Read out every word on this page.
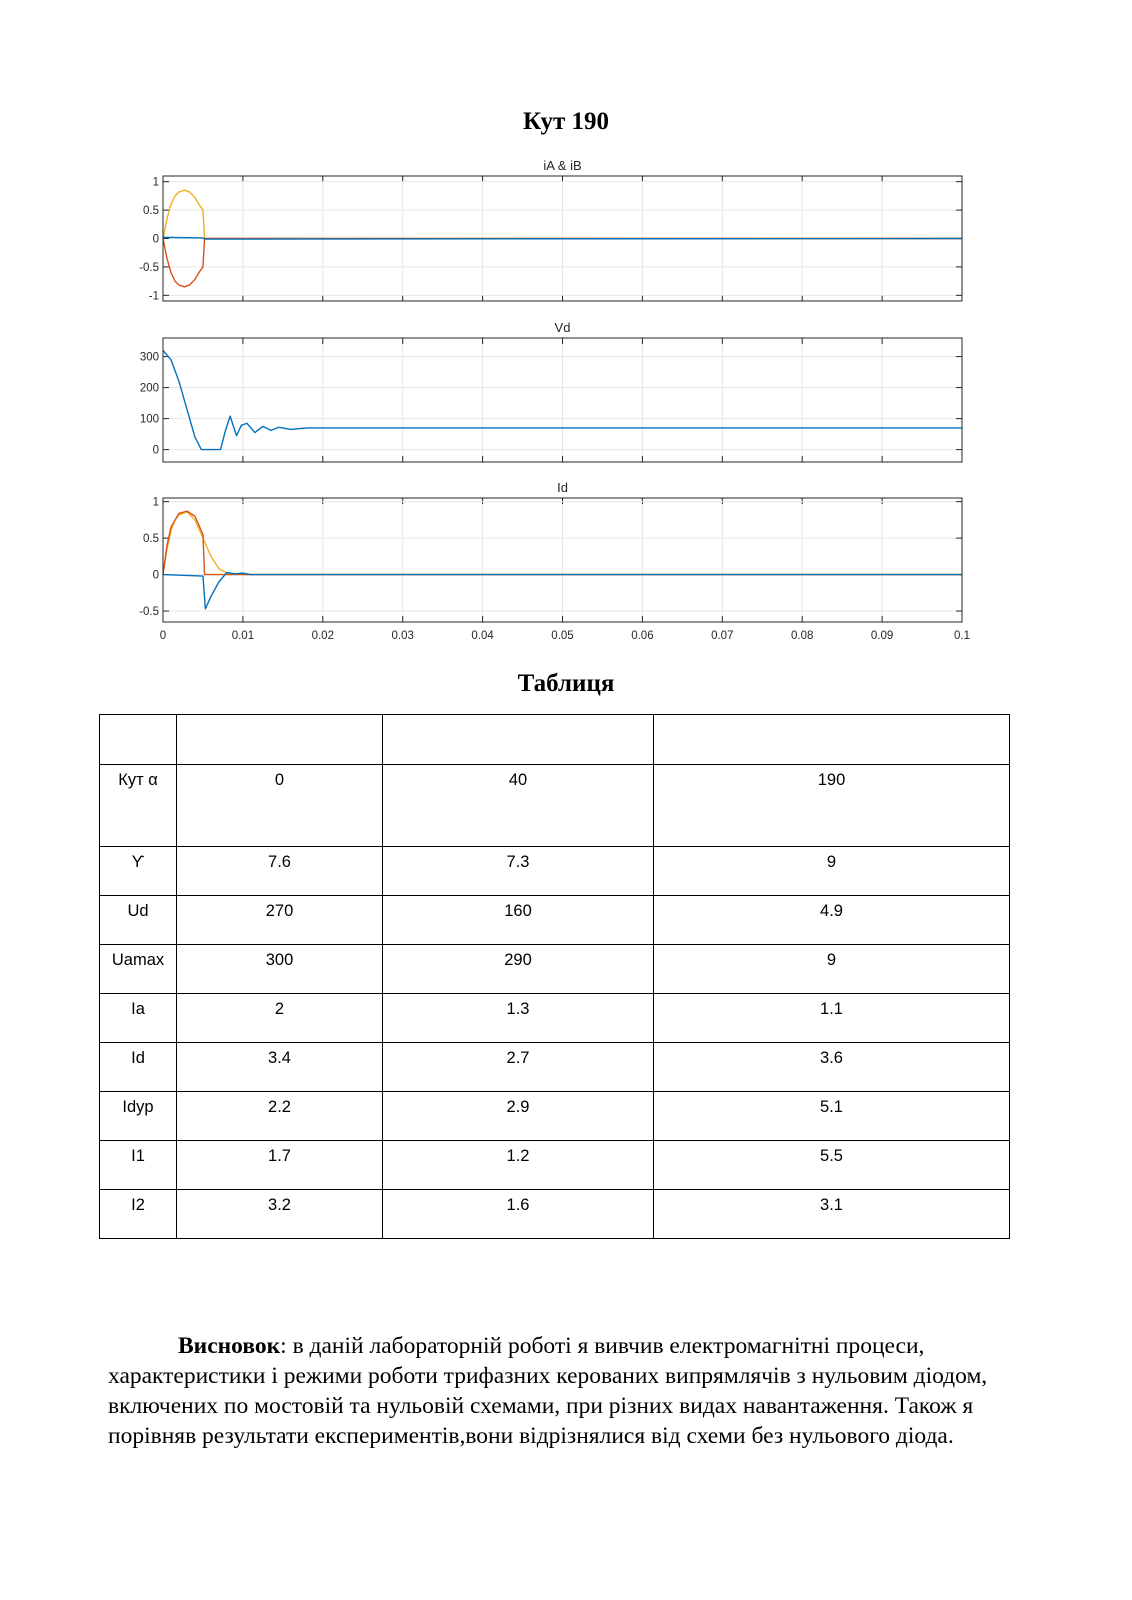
Кут 190
1
0.5
0
-0.5
-1
iA & iB
300
200
100
0
Vd
0	0.01	0.02	0.03	0.04	0.05	0.06	0.07	0.08	0.09	0.1
1
0.5
0
-0.5
Id
Таблиця

Кут α	0	40	190
ϒ	7.6	7.3	9
Ud	270	160	4.9
Uamax	300	290	9
Ia	2	1.3	1.1
Id	3.4	2.7	3.6
Idyp	2.2	2.9	5.1
I1	1.7	1.2	5.5
I2	3.2	1.6	3.1
Висновок: в даній лабораторній роботі я вивчив електромагнітні процеси, характеристики і режими роботи трифазних керованих випрямлячів з нульовим діодом, включених по мостовій та нульовій схемами, при різних видах навантаження. Також я порівняв результати експериментів,вони відрізнялися від схеми без нульового діода.
